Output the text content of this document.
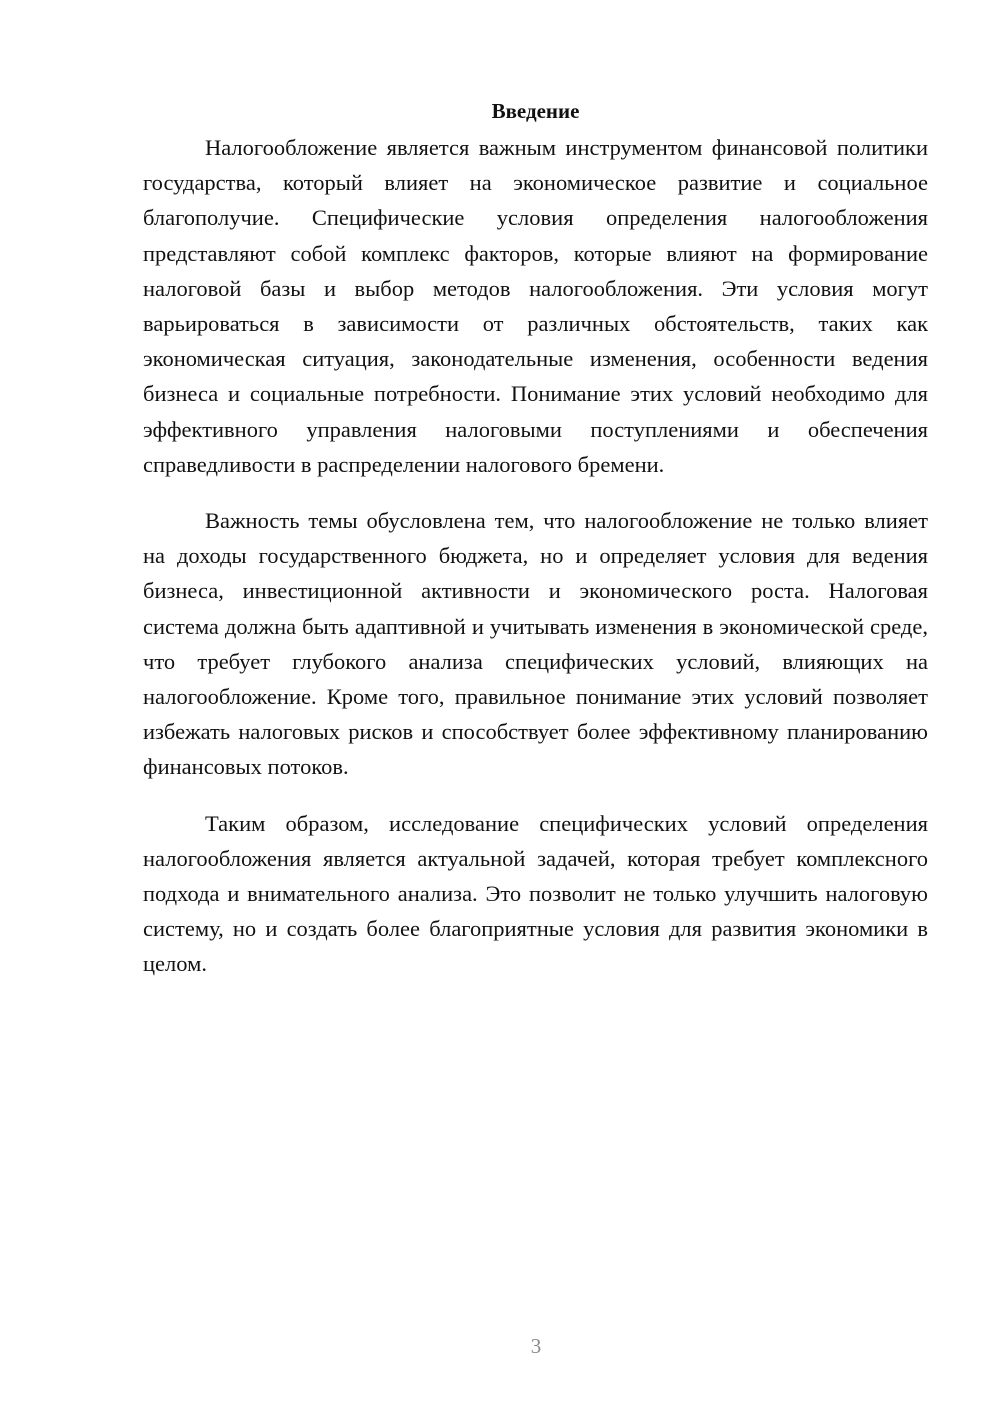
Введение

Налогообложение является важным инструментом финансовой политики государства, который влияет на экономическое развитие и социальное благополучие. Специфические условия определения налогообложения представляют собой комплекс факторов, которые влияют на формирование налоговой базы и выбор методов налогообложения. Эти условия могут варьироваться в зависимости от различных обстоятельств, таких как экономическая ситуация, законодательные изменения, особенности ведения бизнеса и социальные потребности. Понимание этих условий необходимо для эффективного управления налоговыми поступлениями и обеспечения справедливости в распределении налогового бремени.

Важность темы обусловлена тем, что налогообложение не только влияет на доходы государственного бюджета, но и определяет условия для ведения бизнеса, инвестиционной активности и экономического роста. Налоговая система должна быть адаптивной и учитывать изменения в экономической среде, что требует глубокого анализа специфических условий, влияющих на налогообложение. Кроме того, правильное понимание этих условий позволяет избежать налоговых рисков и способствует более эффективному планированию финансовых потоков.

Таким образом, исследование специфических условий определения налогообложения является актуальной задачей, которая требует комплексного подхода и внимательного анализа. Это позволит не только улучшить налоговую систему, но и создать более благоприятные условия для развития экономики в целом.

3
